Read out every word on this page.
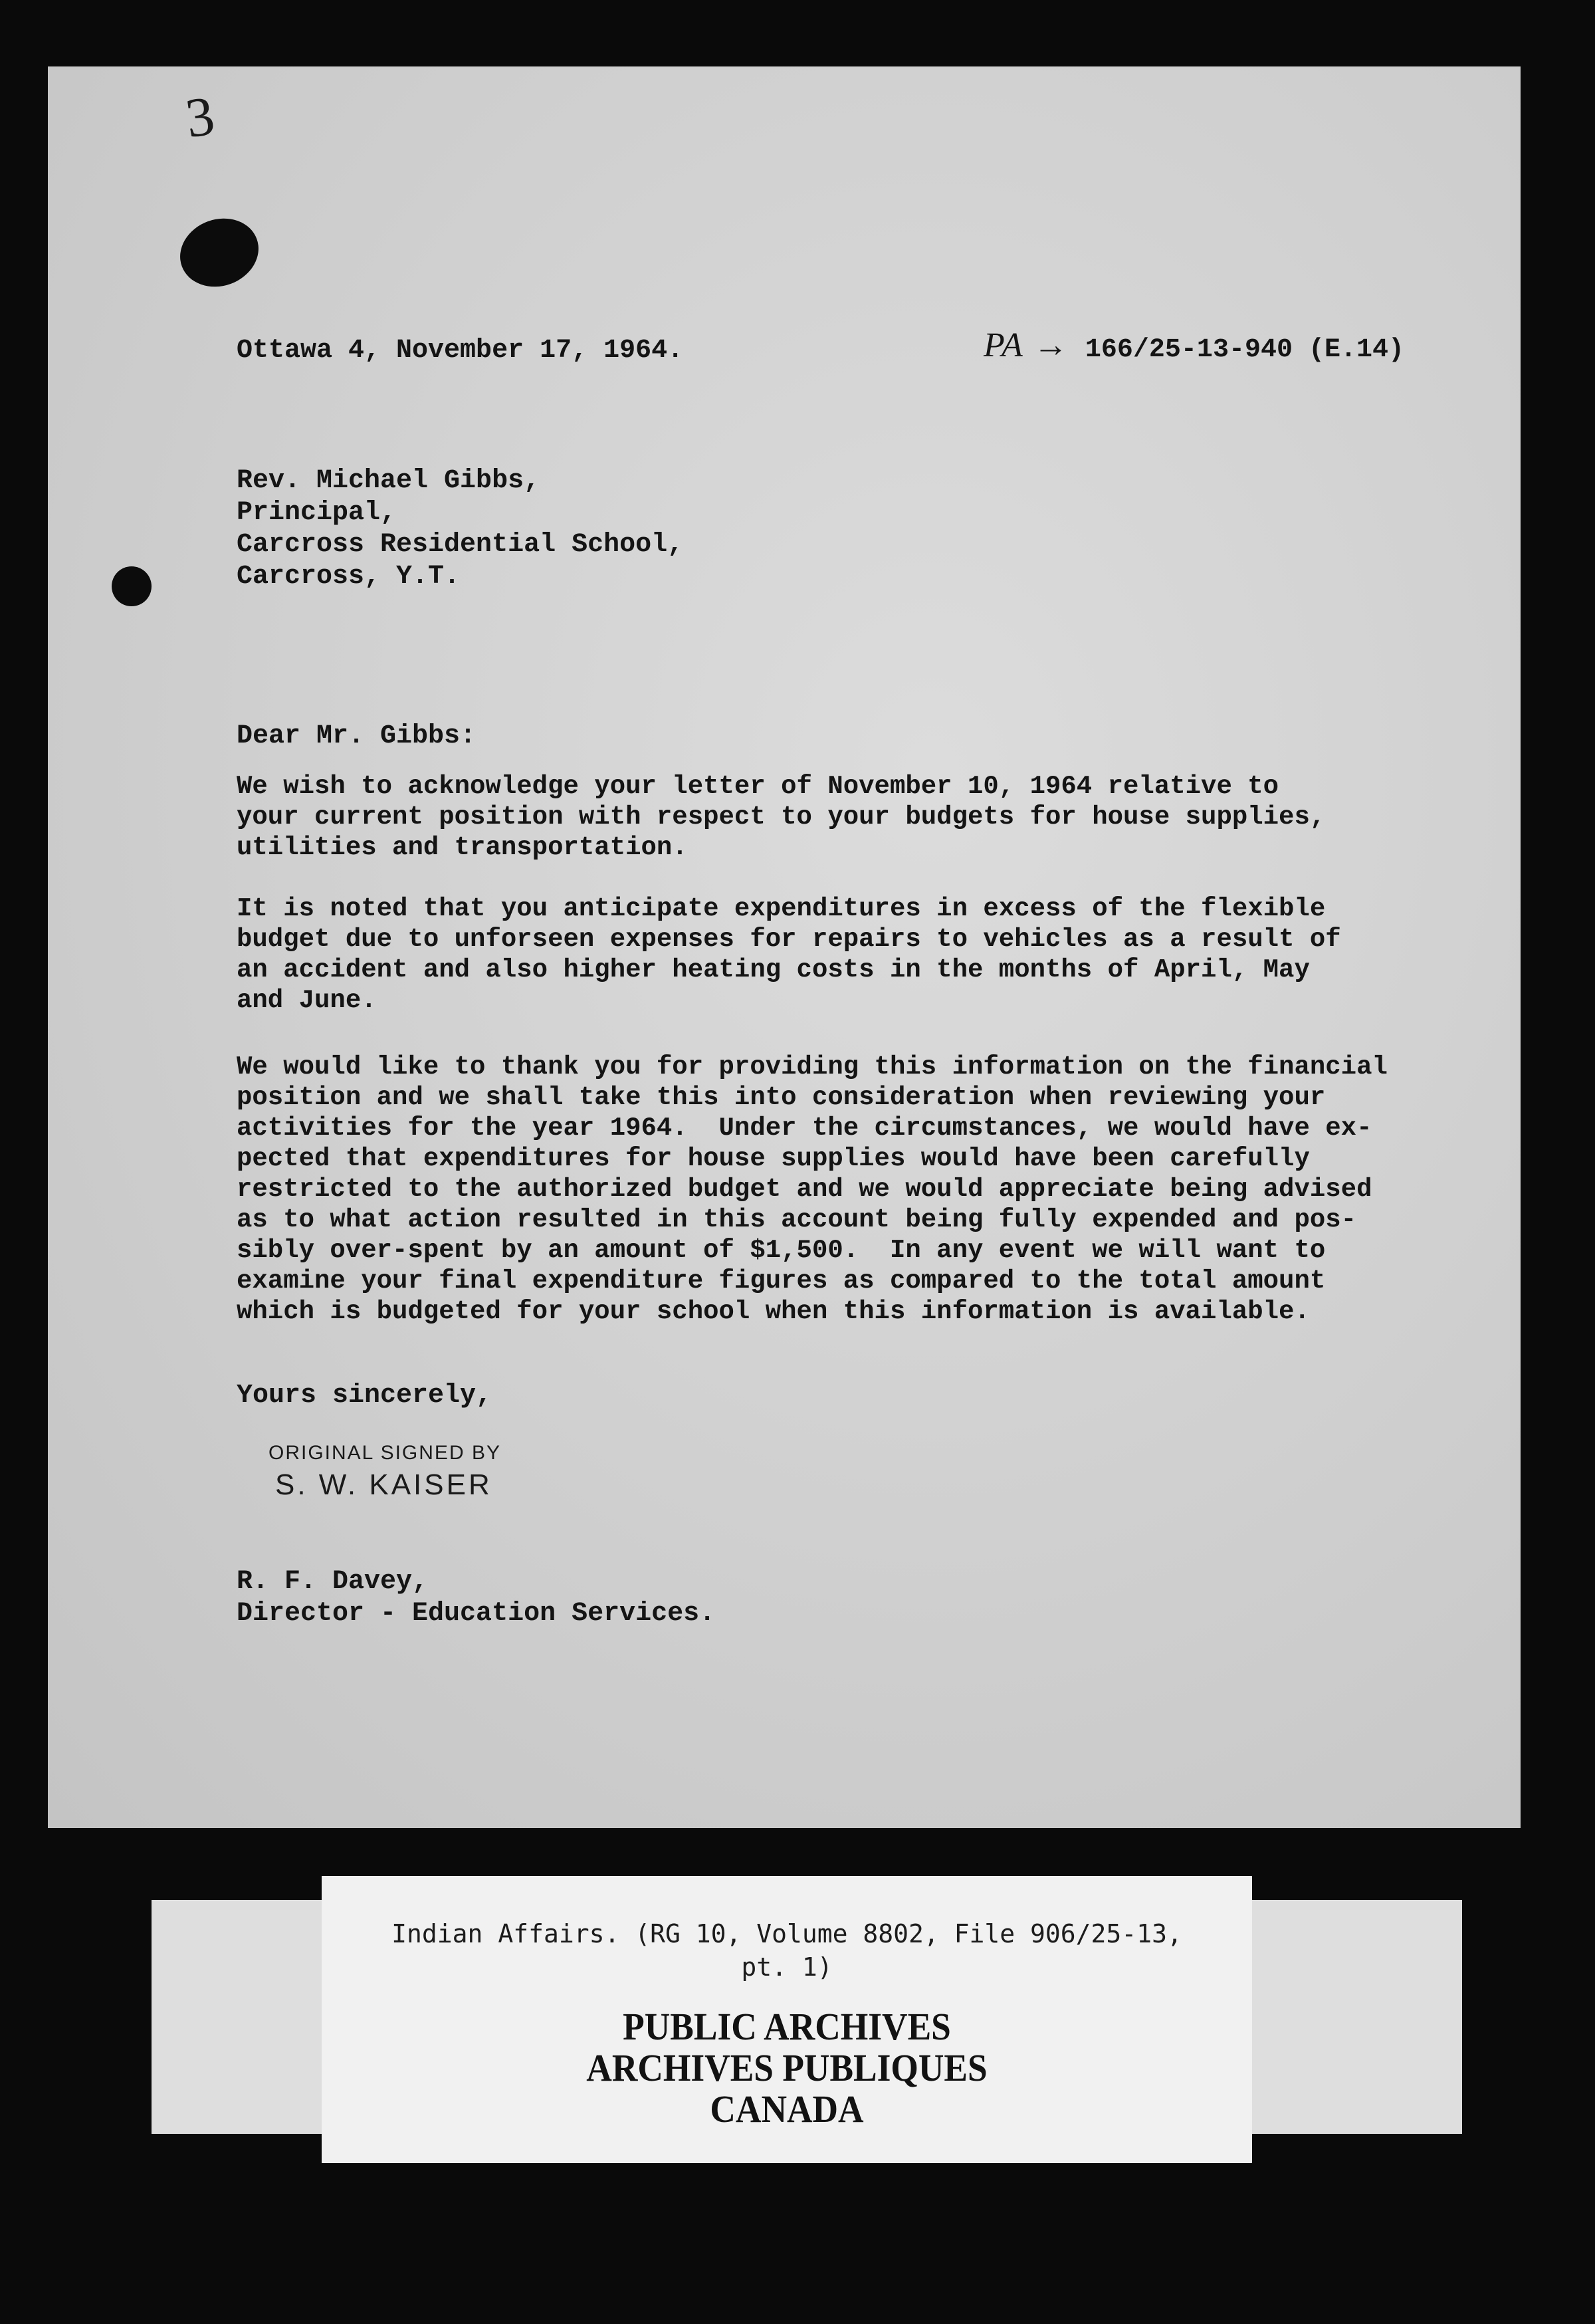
3
Ottawa 4, November 17, 1964.	PA → 166/25-13-940 (E.14)
Rev. Michael Gibbs,
Principal,
Carcross Residential School,
Carcross, Y.T.
Dear Mr. Gibbs:
We wish to acknowledge your letter of November 10, 1964 relative to
your current position with respect to your budgets for house supplies,
utilities and transportation.
It is noted that you anticipate expenditures in excess of the flexible
budget due to unforseen expenses for repairs to vehicles as a result of
an accident and also higher heating costs in the months of April, May
and June.
We would like to thank you for providing this information on the financial
position and we shall take this into consideration when reviewing your
activities for the year 1964.  Under the circumstances, we would have ex-
pected that expenditures for house supplies would have been carefully
restricted to the authorized budget and we would appreciate being advised
as to what action resulted in this account being fully expended and pos-
sibly over-spent by an amount of $1,500.  In any event we will want to
examine your final expenditure figures as compared to the total amount
which is budgeted for your school when this information is available.
Yours sincerely,
ORIGINAL SIGNED BY
S. W. KAISER
R. F. Davey,
Director - Education Services.
Indian Affairs. (RG 10, Volume 8802, File 906/25-13,
pt. 1)
PUBLIC ARCHIVES
ARCHIVES PUBLIQUES
CANADA
